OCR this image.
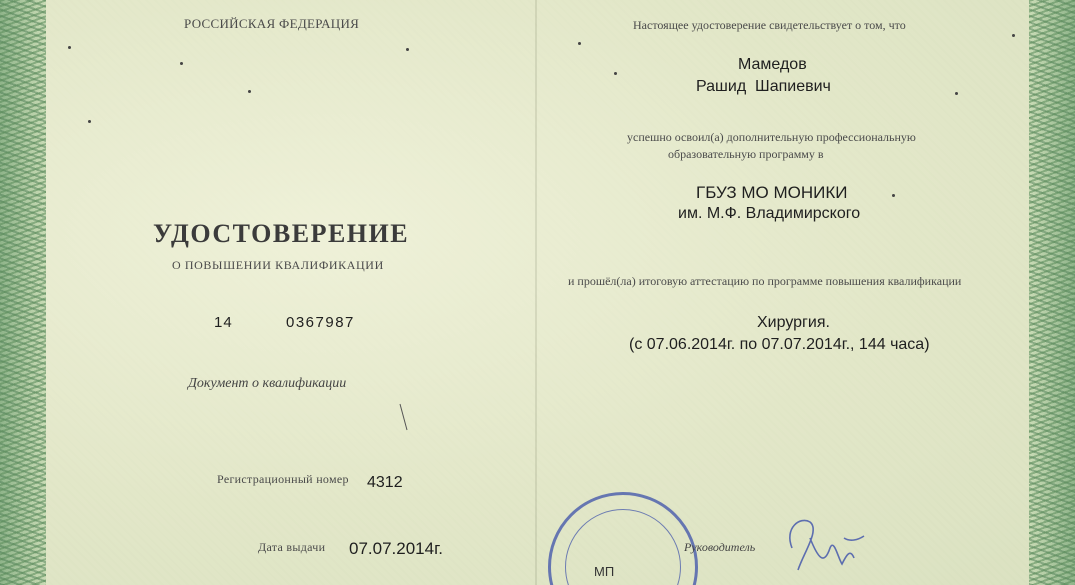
РОССИЙСКАЯ ФЕДЕРАЦИЯ
УДОСТОВЕРЕНИЕ
О ПОВЫШЕНИИ КВАЛИФИКАЦИИ
14	0367987
Документ о квалификации
Регистрационный номер 4312
Дата выдачи 07.07.2014г.
Настоящее удостоверение свидетельствует о том, что
Мамедов
Рашид  Шапиевич
успешно освоил(а) дополнительную профессиональную
образовательную программу в
ГБУЗ МО МОНИКИ
им. М.Ф. Владимирского
и прошёл(ла) итоговую аттестацию по программе повышения квалификации
Хирургия.
(с 07.06.2014г. по 07.07.2014г., 144 часа)
МП
Руководитель
